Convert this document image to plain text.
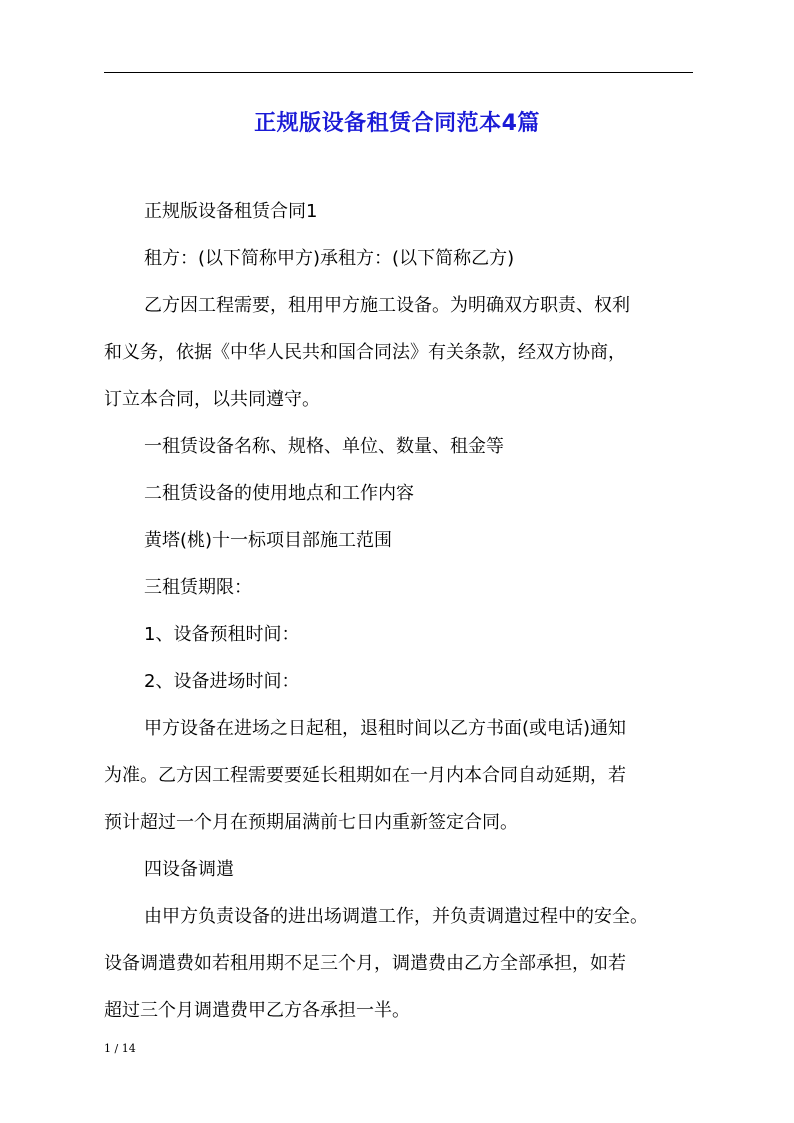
正规版设备租赁合同范本4篇

正规版设备租赁合同1

租方：(以下简称甲方)承租方：(以下简称乙方)

乙方因工程需要，租用甲方施工设备。为明确双方职责、权利

和义务，依据《中华人民共和国合同法》有关条款，经双方协商，

订立本合同，以共同遵守。

一租赁设备名称、规格、单位、数量、租金等

二租赁设备的使用地点和工作内容

黄塔(桃)十一标项目部施工范围

三租赁期限：

1、设备预租时间：

2、设备进场时间：

甲方设备在进场之日起租，退租时间以乙方书面(或电话)通知

为准。乙方因工程需要要延长租期如在一月内本合同自动延期，若

预计超过一个月在预期届满前七日内重新签定合同。

四设备调遣

由甲方负责设备的进出场调遣工作，并负责调遣过程中的安全。

设备调遣费如若租用期不足三个月，调遣费由乙方全部承担，如若

超过三个月调遣费甲乙方各承担一半。

1 / 14
